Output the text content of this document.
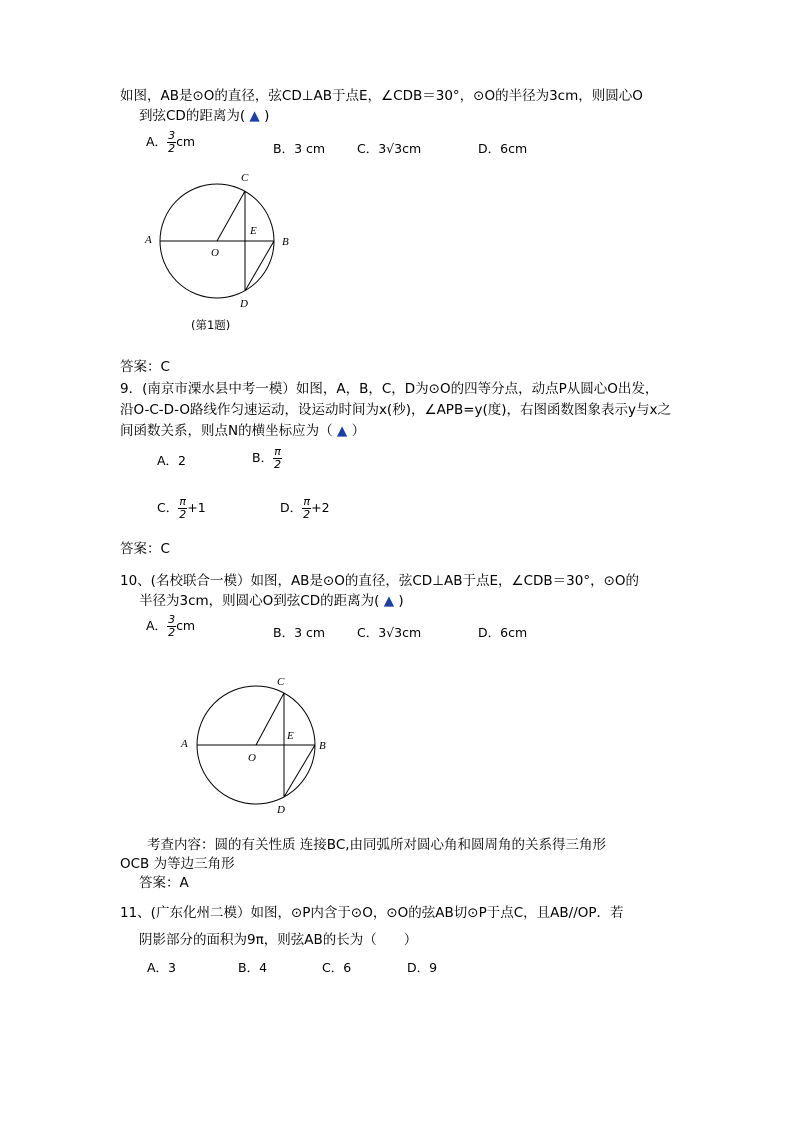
如图，AB是⊙O的直径，弦CD⊥AB于点E，∠CDB＝30°，⊙O的半径为3cm，则圆心O
到弦CD的距离为( ▲ )
A． $\frac{3}{2}$ cm	B．3 cm	C．3√3cm	D．6cm
C
A
E
B
O
D
(第1题)
答案：C
9．(南京市溧水县中考一模）如图，A，B，C，D为⊙O的四等分点，动点P从圆心O出发，
沿O-C-D-O路线作匀速运动，设运动时间为x(秒)，∠APB=y(度)，右图函数图象表示y与x之
间函数关系，则点N的横坐标应为（ ▲ ）
A．2	B． $\frac{\pi}{2}$
C． $\frac{\pi}{2} +1$	D． $\frac{\pi}{2} +2$
答案：C
10、(名校联合一模）如图，AB是⊙O的直径，弦CD⊥AB于点E，∠CDB＝30°，⊙O的
半径为3cm，则圆心O到弦CD的距离为( ▲ )
A． $\frac{3}{2}$ cm	B．3 cm	C．3√3cm	D．6cm
C
A
E
B
O
D
考查内容：圆的有关性质 连接BC,由同弧所对圆心角和圆周角的关系得三角形
OCB 为等边三角形
答案：A
11、(广东化州二模）如图，⊙P内含于⊙O，⊙O的弦AB切⊙P于点C，且AB//OP．若
阴影部分的面积为9π，则弦AB的长为（　　）
A．3	B．4	C．6	D．9
